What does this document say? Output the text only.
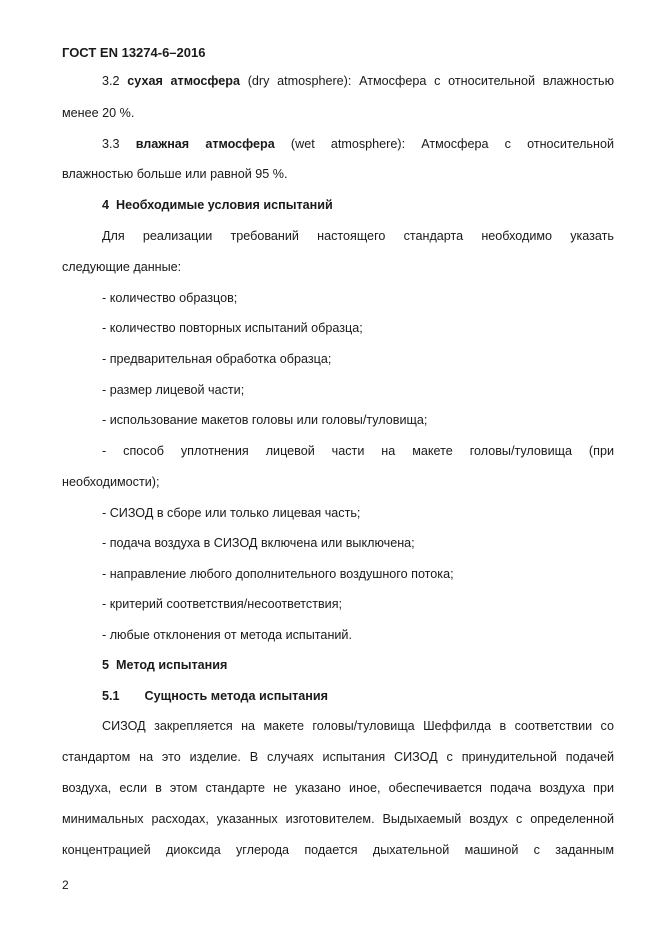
ГОСТ EN 13274-6–2016
3.2 сухая атмосфера (dry atmosphere): Атмосфера с относительной влажностью
менее 20 %.
3.3 влажная атмосфера (wet atmosphere): Атмосфера с относительной
влажностью больше или равной 95 %.
4 Необходимые условия испытаний
Для реализации требований настоящего стандарта необходимо указать
следующие данные:
- количество образцов;
- количество повторных испытаний образца;
- предварительная обработка образца;
- размер лицевой части;
- использование макетов головы или головы/туловища;
- способ уплотнения лицевой части на макете головы/туловища (при
необходимости);
- СИЗОД в сборе или только лицевая часть;
- подача воздуха в СИЗОД включена или выключена;
- направление любого дополнительного воздушного потока;
- критерий соответствия/несоответствия;
- любые отклонения от метода испытаний.
5 Метод испытания
5.1 Сущность метода испытания
СИЗОД закрепляется на макете головы/туловища Шеффилда в соответствии со
стандартом на это изделие. В случаях испытания СИЗОД с принудительной подачей
воздуха, если в этом стандарте не указано иное, обеспечивается подача воздуха при
минимальных расходах, указанных изготовителем. Выдыхаемый воздух с определенной
концентрацией диоксида углерода подается дыхательной машиной с заданным
2
